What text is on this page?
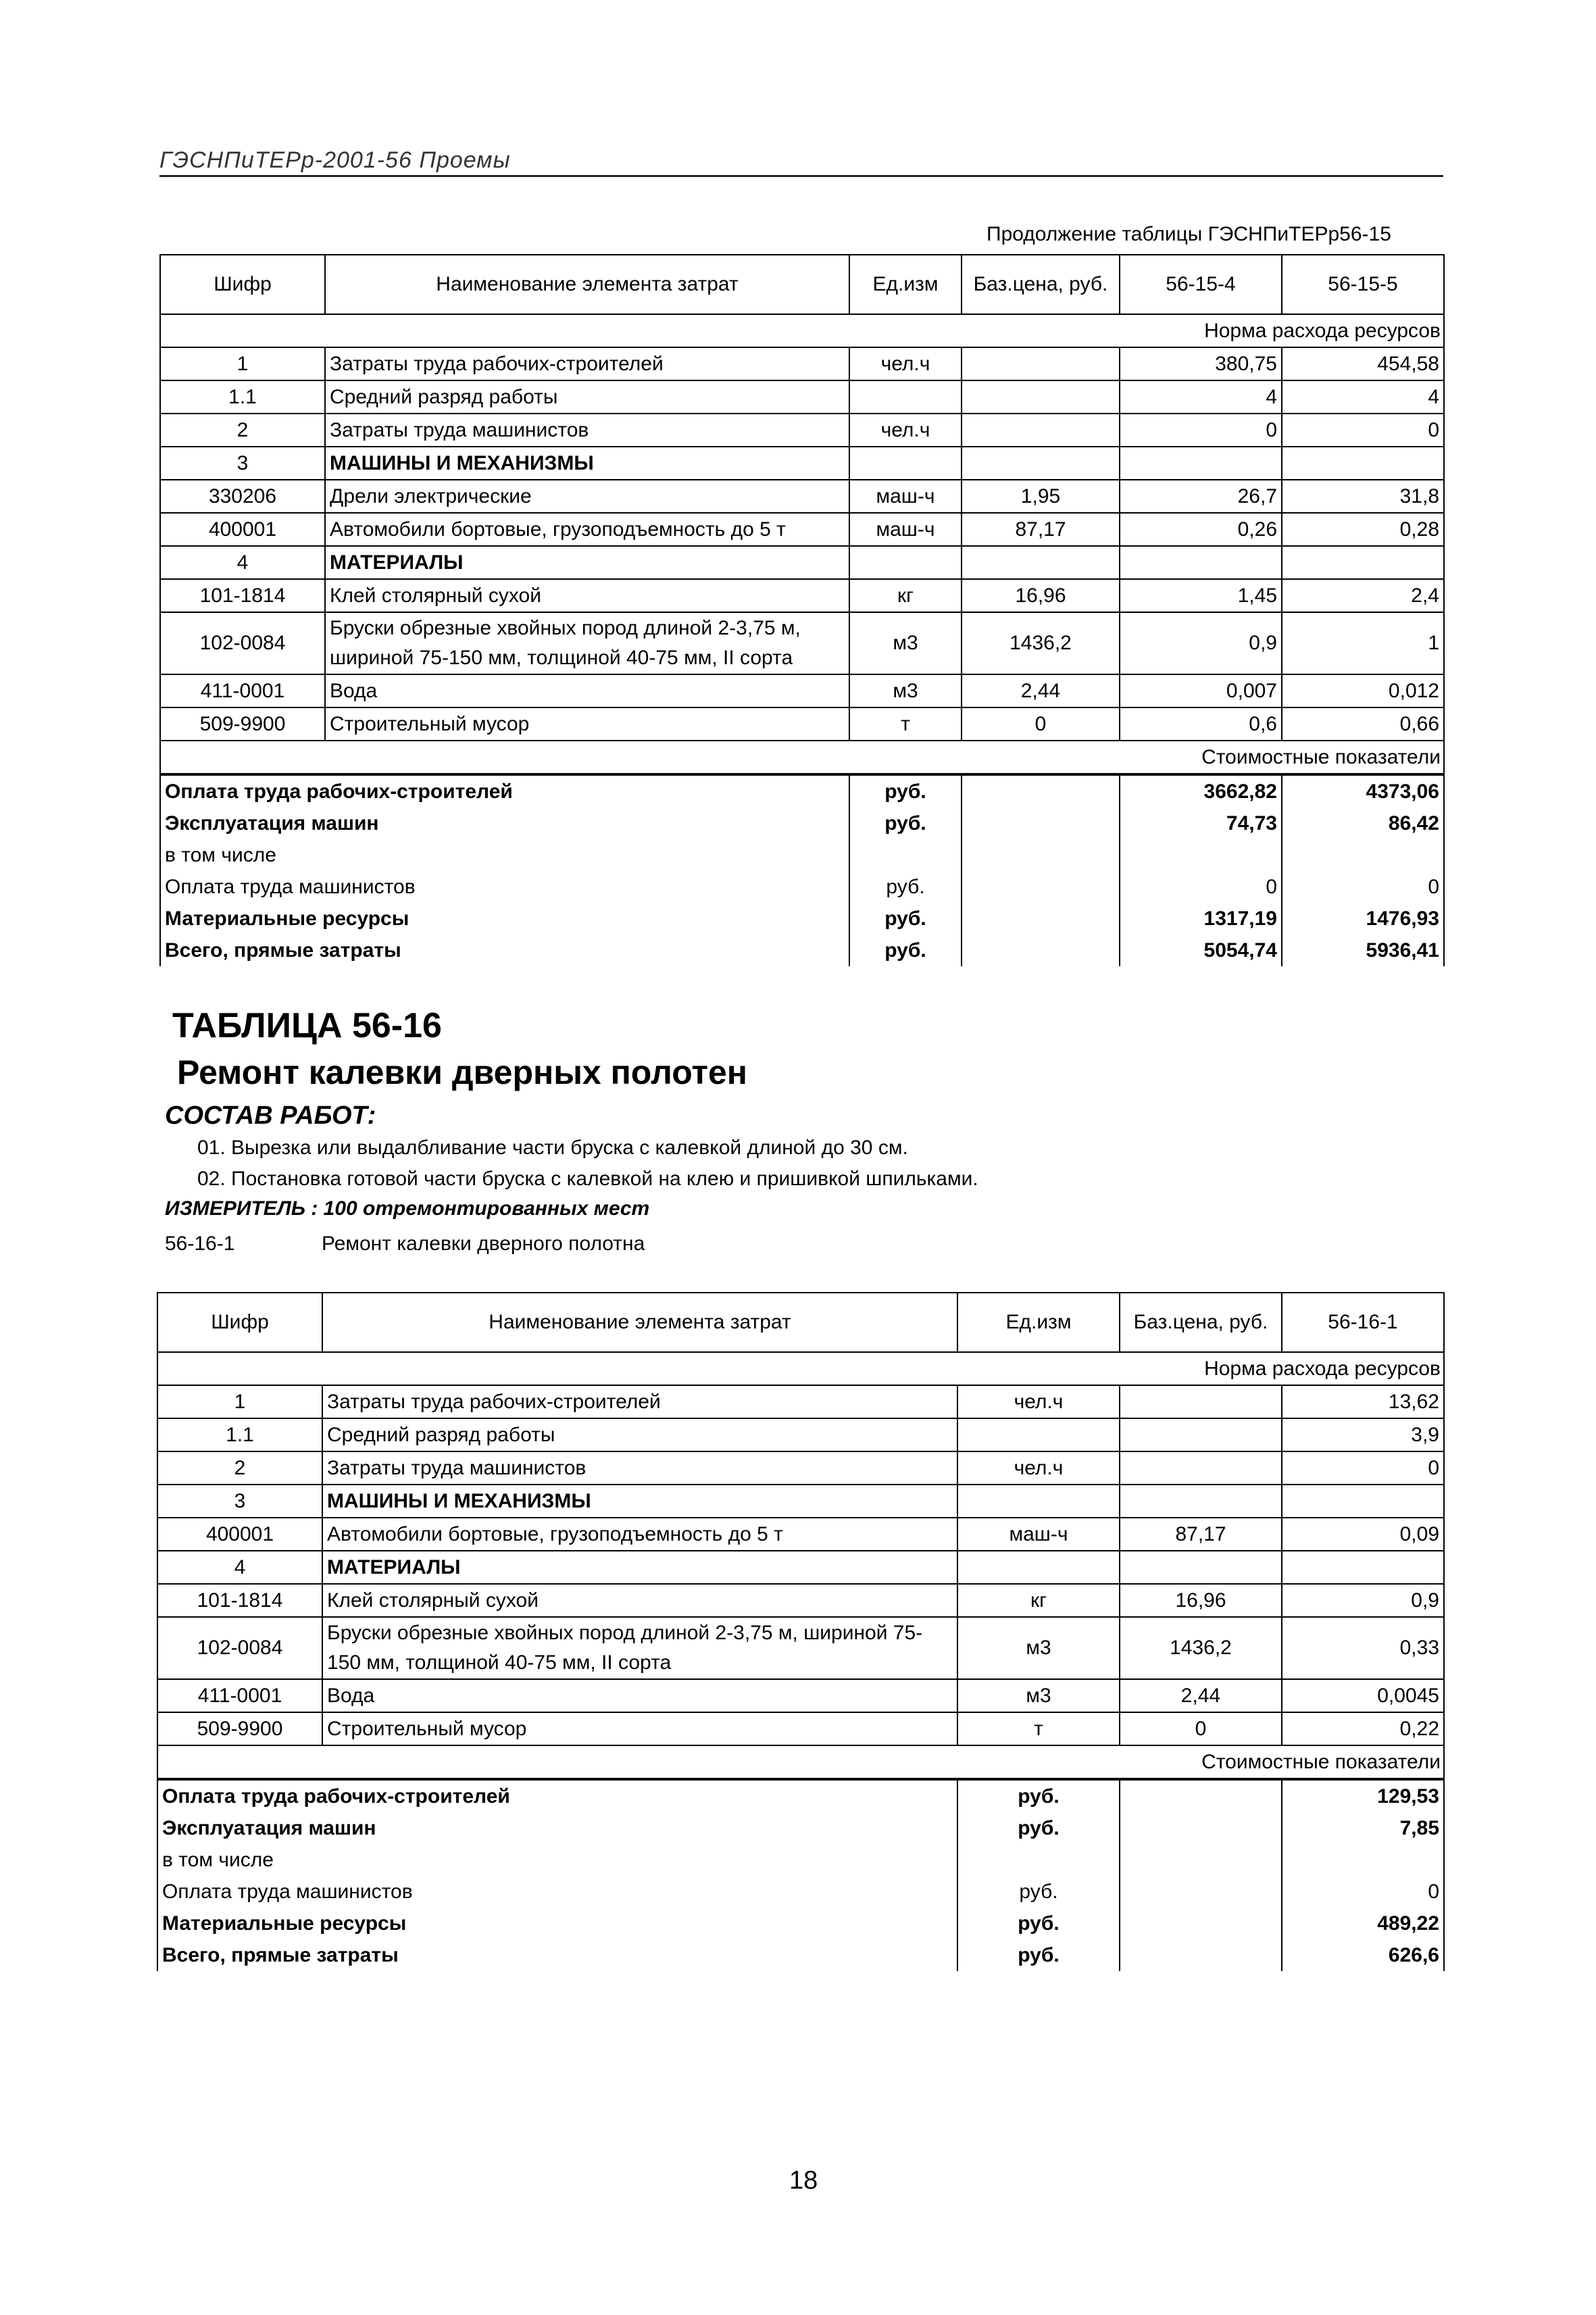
ГЭСНПиТЕРр-2001-56 Проемы
Продолжение таблицы ГЭСНПиТЕРр56-15
Шифр	Наименование элемента затрат	Ед.изм	Баз.цена, руб.	56-15-4	56-15-5
Норма расхода ресурсов					
1	Затраты труда рабочих-строителей	чел.ч		380,75	454,58
1.1	Средний разряд работы			4	4
2	Затраты труда машинистов	чел.ч		0	0
3	МАШИНЫ И МЕХАНИЗМЫ				
330206	Дрели электрические	маш-ч	1,95	26,7	31,8
400001	Автомобили бортовые, грузоподъемность до 5 т	маш-ч	87,17	0,26	0,28
4	МАТЕРИАЛЫ				
101-1814	Клей столярный сухой	кг	16,96	1,45	2,4
102-0084	Бруски обрезные хвойных пород длиной 2-3,75 м, шириной 75-150 мм, толщиной 40-75 мм, II сорта	м3	1436,2	0,9	1
411-0001	Вода	м3	2,44	0,007	0,012
509-9900	Строительный мусор	т	0	0,6	0,66
Стоимостные показатели					
Оплата труда рабочих-строителей		руб.		3662,82	4373,06
Эксплуатация машин		руб.		74,73	86,42
в том числе					
Оплата труда машинистов		руб.		0	0
Материальные ресурсы		руб.		1317,19	1476,93
Всего, прямые затраты		руб.		5054,74	5936,41
ТАБЛИЦА 56-16
Ремонт калевки дверных полотен
СОСТАВ РАБОТ:
01. Вырезка или выдалбливание части бруска с калевкой длиной до 30 см.
02. Постановка готовой части бруска с калевкой на клею и пришивкой шпильками.
ИЗМЕРИТЕЛЬ : 100 отремонтированных мест
56-16-1	Ремонт калевки дверного полотна
Шифр	Наименование элемента затрат	Ед.изм	Баз.цена, руб.	56-16-1
Норма расхода ресурсов				
1	Затраты труда рабочих-строителей	чел.ч		13,62
1.1	Средний разряд работы			3,9
2	Затраты труда машинистов	чел.ч		0
3	МАШИНЫ И МЕХАНИЗМЫ			
400001	Автомобили бортовые, грузоподъемность до 5 т	маш-ч	87,17	0,09
4	МАТЕРИАЛЫ			
101-1814	Клей столярный сухой	кг	16,96	0,9
102-0084	Бруски обрезные хвойных пород длиной 2-3,75 м, шириной 75-150 мм, толщиной 40-75 мм, II сорта	м3	1436,2	0,33
411-0001	Вода	м3	2,44	0,0045
509-9900	Строительный мусор	т	0	0,22
Стоимостные показатели				
Оплата труда рабочих-строителей		руб.		129,53
Эксплуатация машин		руб.		7,85
в том числе				
Оплата труда машинистов		руб.		0
Материальные ресурсы		руб.		489,22
Всего, прямые затраты		руб.		626,6
18
